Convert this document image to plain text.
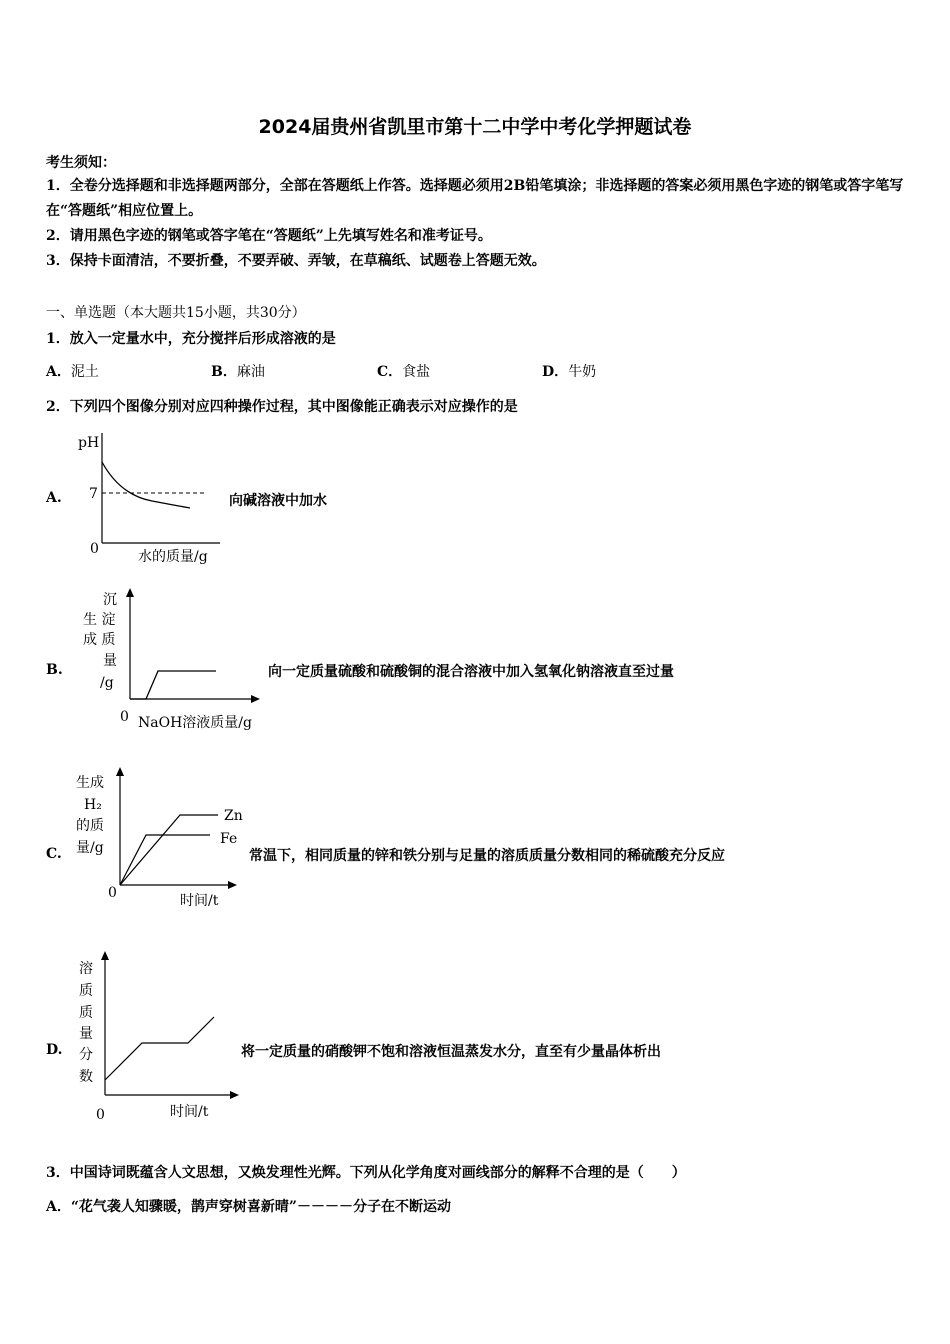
2024届贵州省凯里市第十二中学中考化学押题试卷
考生须知：
1．全卷分选择题和非选择题两部分，全部在答题纸上作答。选择题必须用2B铅笔填涂；非选择题的答案必须用黑色字迹的钢笔或答字笔写在“答题纸”相应位置上。
2．请用黑色字迹的钢笔或答字笔在“答题纸”上先填写姓名和准考证号。
3．保持卡面清洁，不要折叠，不要弄破、弄皱，在草稿纸、试题卷上答题无效。
一、单选题（本大题共15小题，共30分）
1．放入一定量水中，充分搅拌后形成溶液的是
A．泥土	B．麻油	C．食盐	D．牛奶
2．下列四个图像分别对应四种操作过程，其中图像能正确表示对应操作的是
A.
pH
7
0	水的质量/g
向碱溶液中加水
B.
沉
生 淀
成 质
量
/g
0 NaOH溶液质量/g
向一定质量硫酸和硫酸铜的混合溶液中加入氢氧化钠溶液直至过量
C.
生成
H₂
的质
量/g
Zn
Fe
0	时间/t
常温下，相同质量的锌和铁分别与足量的溶质质量分数相同的稀硫酸充分反应
D.
溶
质
质
量
分
数
0	时间/t
将一定质量的硝酸钾不饱和溶液恒温蒸发水分，直至有少量晶体析出
3．中国诗词既蕴含人文思想，又焕发理性光辉。下列从化学角度对画线部分的解释不合理的是（　　）
A．“花气袭人知骤暖，鹊声穿树喜新晴”－－－－分子在不断运动
